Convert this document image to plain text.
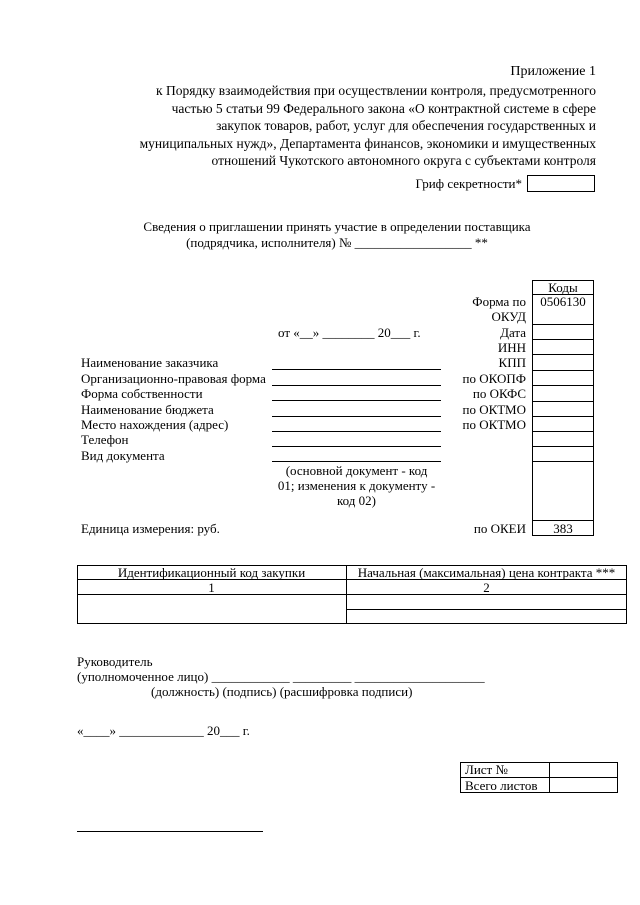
Приложение 1
к Порядку взаимодействия при осуществлении контроля, предусмотренного
частью 5 статьи 99 Федерального закона «О контрактной системе в сфере
закупок товаров, работ, услуг для обеспечения государственных и
муниципальных нужд», Департамента финансов, экономики и имущественных
отношений Чукотского автономного округа с субъектами контроля
Гриф секретности*
Сведения о приглашении принять участие в определении поставщика
(подрядчика, исполнителя) № __________________ **
Коды
0506130
383
Форма по
ОКУД
Дата
ИНН
КПП
по ОКОПФ
по ОКФС
по ОКТМО
по ОКТМО
по ОКЕИ
от «__» ________ 20___ г.
Наименование заказчика
Организационно-правовая форма
Форма собственности
Наименование бюджета
Место нахождения (адрес)
Телефон
Вид документа
(основной документ - код
01; изменения к документу -
код 02)
Единица измерения: руб.
Идентификационный код закупки	Начальная (максимальная) цена контракта ***
1	2
Руководитель
(уполномоченное лицо) ____________ _________ ____________________
(должность) (подпись) (расшифровка подписи)
«____» _____________ 20___ г.
Лист №
Всего листов
